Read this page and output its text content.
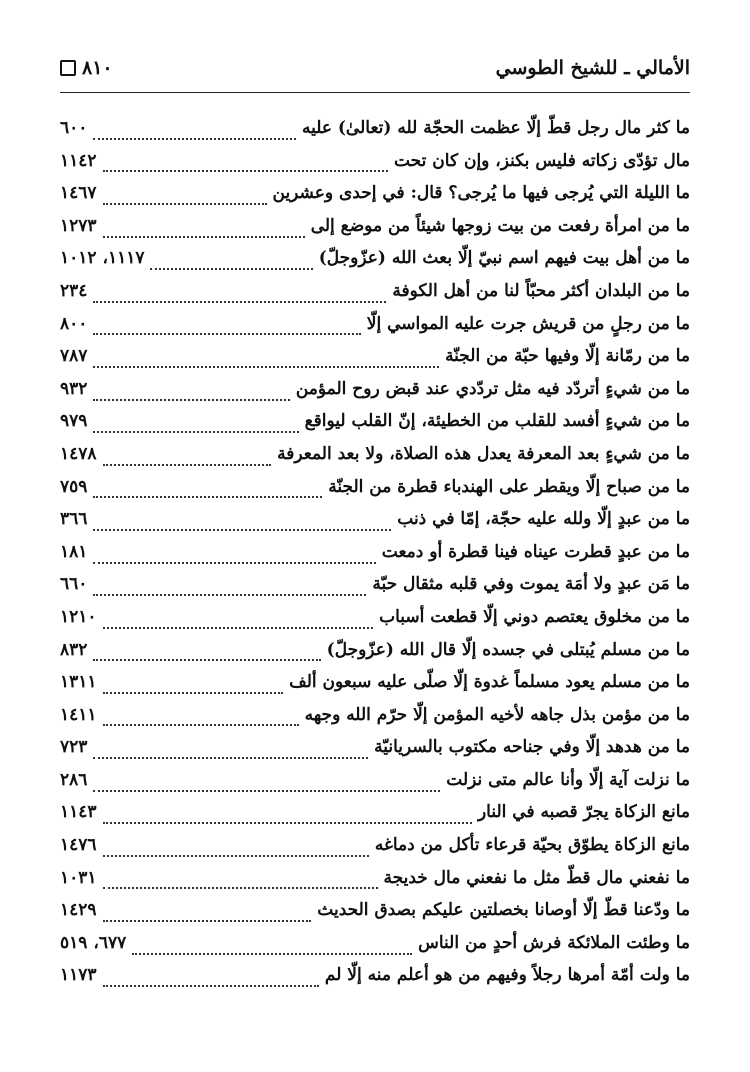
٨١٠	الأمالي ـ للشيخ الطوسي
ما كثر مال رجل قطّ إلّا عظمت الحجّة لله (تعالىٰ) عليه
٦٠٠
مال تؤدّى زكاته فليس بكنز، وإن كان تحت
١١٤٢
ما الليلة التي يُرجى فيها ما يُرجى؟ قال: في إحدى وعشرين
١٤٦٧
ما من امرأة رفعت من بيت زوجها شيئاً من موضع إلى
١٢٧٣
ما من أهل بيت فيهم اسم نبيّ إلّا بعث الله (عزّوجلّ)
١١١٧، ١٠١٢
ما من البلدان أكثر محبّاً لنا من أهل الكوفة
٢٣٤
ما من رجلٍ من قريش جرت عليه المواسي إلّا
٨٠٠
ما من رمّانة إلّا وفيها حبّة من الجنّة
٧٨٧
ما من شيءٍ أتردّد فيه مثل تردّدي عند قبض روح المؤمن
٩٣٢
ما من شيءٍ أفسد للقلب من الخطيئة، إنّ القلب ليواقع
٩٧٩
ما من شيءٍ بعد المعرفة يعدل هذه الصلاة، ولا بعد المعرفة
١٤٧٨
ما من صباح إلّا ويقطر على الهندباء قطرة من الجنّة
٧٥٩
ما من عبدٍ إلّا ولله عليه حجّة، إمّا في ذنب
٣٦٦
ما من عبدٍ قطرت عيناه فينا قطرة أو دمعت
١٨١
ما مَن عبدٍ ولا أمَة يموت وفي قلبه مثقال حبّة
٦٦٠
ما من مخلوق يعتصم دوني إلّا قطعت أسباب
١٢١٠
ما من مسلم يُبتلى في جسده إلّا قال الله (عزّوجلّ)
٨٣٢
ما من مسلم يعود مسلماً غدوة إلّا صلّى عليه سبعون ألف
١٣١١
ما من مؤمن بذل جاهه لأخيه المؤمن إلّا حرّم الله وجهه
١٤١١
ما من هدهد إلّا وفي جناحه مكتوب بالسريانيّة
٧٢٣
ما نزلت آية إلّا وأنا عالم متى نزلت
٢٨٦
مانع الزكاة يجرّ قصبه في النار
١١٤٣
مانع الزكاة يطوّق بحيّة قرعاء تأكل من دماغه
١٤٧٦
ما نفعني مال قطّ مثل ما نفعني مال خديجة
١٠٣١
ما ودّعنا قطّ إلّا أوصانا بخصلتين عليكم بصدق الحديث
١٤٢٩
ما وطئت الملائكة فرش أحدٍ من الناس
٦٧٧، ٥١٩
ما ولت أمّة أمرها رجلاً وفيهم من هو أعلم منه إلّا لم
١١٧٣
